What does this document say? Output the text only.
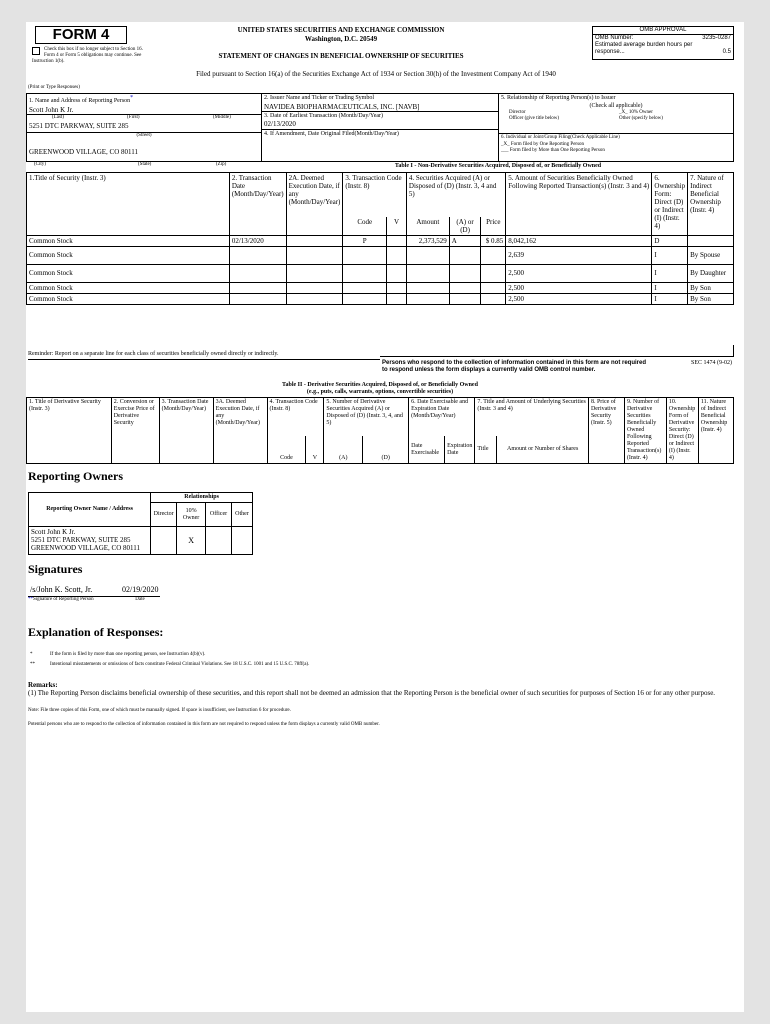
FORM 4
Check this box if no longer subject to Section 16. Form 4 or Form 5 obligations may continue. See Instruction 1(b).
UNITED STATES SECURITIES AND EXCHANGE COMMISSION
Washington, D.C. 20549
STATEMENT OF CHANGES IN BENEFICIAL OWNERSHIP OF SECURITIES
Filed pursuant to Section 16(a) of the Securities Exchange Act of 1934 or Section 30(h) of the Investment Company Act of 1940
OMB APPROVAL
OMB Number:	3235-0287
Estimated average burden hours per response...	0.5
(Print or Type Responses)
1. Name and Address of Reporting Person*
Scott John K Jr.
(Last)	(First)	(Middle)
5251 DTC PARKWAY, SUITE 285
(Street)
GREENWOOD VILLAGE, CO 80111
(City)	(State)	(Zip)
2. Issuer Name and Ticker or Trading Symbol
NAVIDEA BIOPHARMACEUTICALS, INC. [NAVB]
3. Date of Earliest Transaction (Month/Day/Year)
02/13/2020
4. If Amendment, Date Original Filed(Month/Day/Year)
5. Relationship of Reporting Person(s) to Issuer
(Check all applicable)
Director	_X_ 10% Owner
Officer (give title below)	Other (specify below)
6. Individual or Joint/Group Filing(Check Applicable Line)
_X_ Form filed by One Reporting Person
___ Form filed by More than One Reporting Person
Table I - Non-Derivative Securities Acquired, Disposed of, or Beneficially Owned
1.Title of Security (Instr. 3)	2. Transaction Date (Month/Day/Year)	2A. Deemed Execution Date, if any (Month/Day/Year)	3. Transaction Code (Instr. 8)		4. Securities Acquired (A) or Disposed of (D) (Instr. 3, 4 and 5)			5. Amount of Securities Beneficially Owned Following Reported Transaction(s) (Instr. 3 and 4)	6. Ownership Form: Direct (D) or Indirect (I) (Instr. 4)	7. Nature of Indirect Beneficial Ownership (Instr. 4)
			Code	V	Amount	(A) or (D)	Price			
Common Stock	02/13/2020		P		2,373,529	A	$ 0.85	8,042,162	D	
Common Stock								2,639	I	By Spouse
Common Stock								2,500	I	By Daughter
Common Stock								2,500	I	By Son
Common Stock								2,500	I	By Son
Reminder: Report on a separate line for each class of securities beneficially owned directly or indirectly.
Persons who respond to the collection of information contained in this form are not required to respond unless the form displays a currently valid OMB control number.
SEC 1474 (9-02)
Table II - Derivative Securities Acquired, Disposed of, or Beneficially Owned
(e.g., puts, calls, warrants, options, convertible securities)
1. Title of Derivative Security (Instr. 3)	2. Conversion or Exercise Price of Derivative Security	3. Transaction Date (Month/Day/Year)	3A. Deemed Execution Date, if any (Month/Day/Year)	4. Transaction Code (Instr. 8)		5. Number of Derivative Securities Acquired (A) or Disposed of (D) (Instr. 3, 4, and 5)		6. Date Exercisable and Expiration Date (Month/Day/Year)		7. Title and Amount of Underlying Securities (Instr. 3 and 4)		8. Price of Derivative Security (Instr. 5)	9. Number of Derivative Securities Beneficially Owned Following Reported Transaction(s) (Instr. 4)	10. Ownership Form of Derivative Security: Direct (D) or Indirect (I) (Instr. 4)	11. Nature of Indirect Beneficial Ownership (Instr. 4)
				Code	V	(A)	(D)	Date Exercisable	Expiration Date	Title	Amount or Number of Shares				
Reporting Owners
Reporting Owner Name / Address	Relationships			
	Director	10% Owner	Officer	Other

Scott John K Jr.
5251 DTC PARKWAY, SUITE 285
GREENWOOD VILLAGE, CO 80111		X		
Signatures
/s/John K. Scott, Jr.
**Signature of Reporting Person
02/19/2020
Date
Explanation of Responses:
*	If the form is filed by more than one reporting person, see Instruction 4(b)(v).
**	Intentional misstatements or omissions of facts constitute Federal Criminal Violations. See 18 U.S.C. 1001 and 15 U.S.C. 78ff(a).
Remarks:
(1) The Reporting Person disclaims beneficial ownership of these securities, and this report shall not be deemed an admission that the Reporting Person is the beneficial owner of such securities for purposes of Section 16 or for any other purpose.
Note: File three copies of this Form, one of which must be manually signed. If space is insufficient, see Instruction 6 for procedure.
Potential persons who are to respond to the collection of information contained in this form are not required to respond unless the form displays a currently valid OMB number.
